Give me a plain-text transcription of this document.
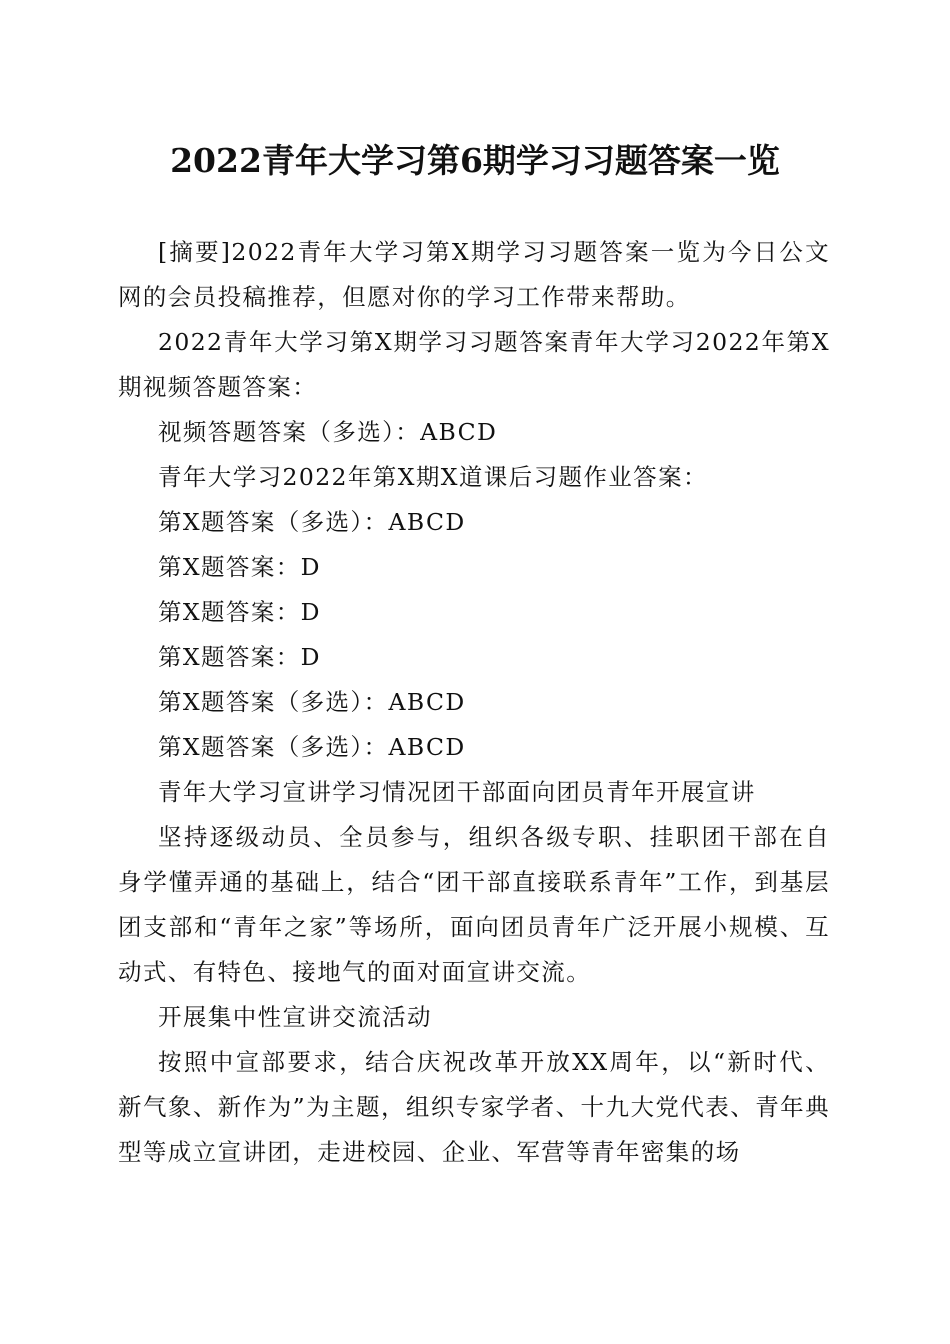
2022青年大学习第6期学习习题答案一览

[摘要]2022青年大学习第X期学习习题答案一览为今日公文网的会员投稿推荐，但愿对你的学习工作带来帮助。

2022青年大学习第X期学习习题答案青年大学习2022年第X期视频答题答案：

视频答题答案（多选）：ABCD

青年大学习2022年第X期X道课后习题作业答案：

第X题答案（多选）：ABCD

第X题答案：D

第X题答案：D

第X题答案：D

第X题答案（多选）：ABCD

第X题答案（多选）：ABCD

青年大学习宣讲学习情况团干部面向团员青年开展宣讲

坚持逐级动员、全员参与，组织各级专职、挂职团干部在自身学懂弄通的基础上，结合“团干部直接联系青年”工作，到基层团支部和“青年之家”等场所，面向团员青年广泛开展小规模、互动式、有特色、接地气的面对面宣讲交流。

开展集中性宣讲交流活动

按照中宣部要求，结合庆祝改革开放XX周年，以“新时代、新气象、新作为”为主题，组织专家学者、十九大党代表、青年典型等成立宣讲团，走进校园、企业、军营等青年密集的场
